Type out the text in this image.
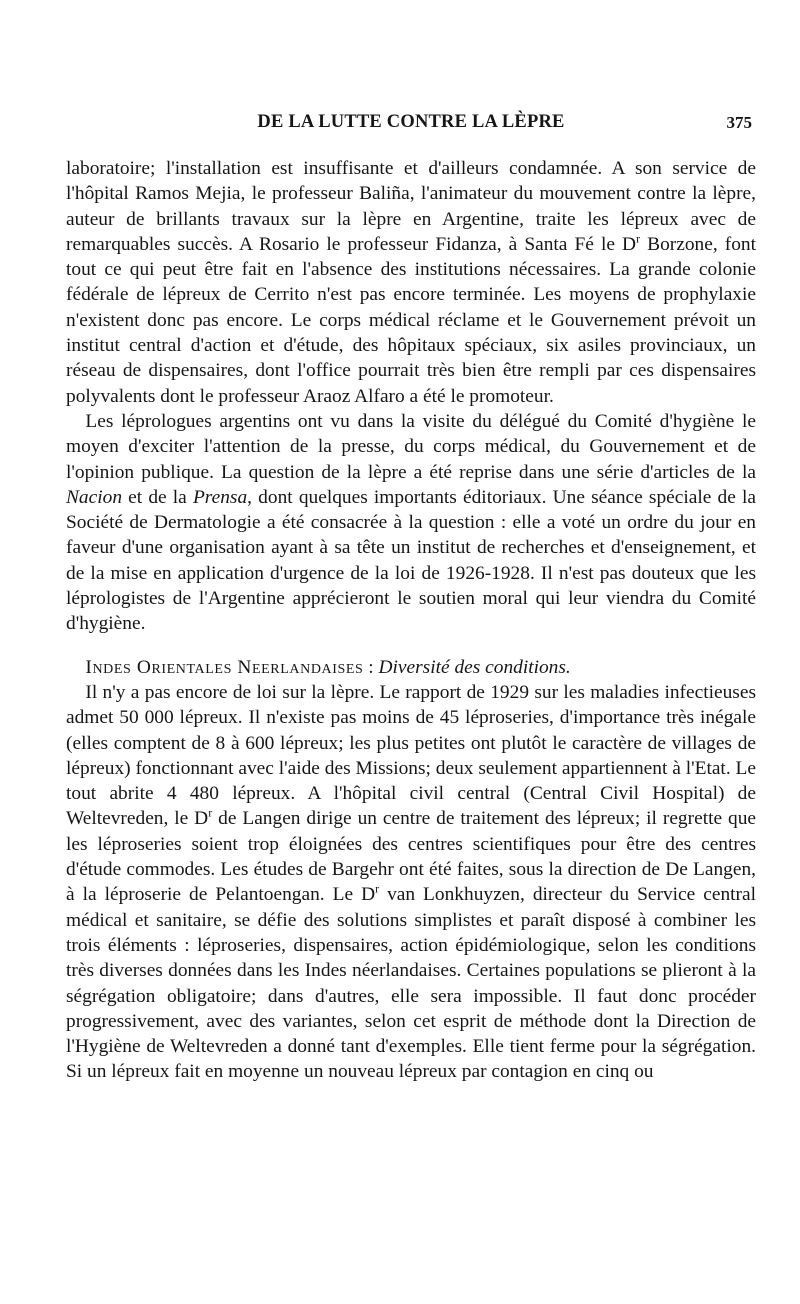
DE LA LUTTE CONTRE LA LÈPRE	375

laboratoire; l'installation est insuffisante et d'ailleurs condamnée. A son service de l'hôpital Ramos Mejia, le professeur Baliña, l'animateur du mouvement contre la lèpre, auteur de brillants travaux sur la lèpre en Argentine, traite les lépreux avec de remarquables succès. A Rosario le professeur Fidanza, à Santa Fé le $D^r$ Borzone, font tout ce qui peut être fait en l'absence des institutions nécessaires. La grande colonie fédérale de lépreux de Cerrito n'est pas encore terminée. Les moyens de prophylaxie n'existent donc pas encore. Le corps médical réclame et le Gouvernement prévoit un institut central d'action et d'étude, des hôpitaux spéciaux, six asiles provinciaux, un réseau de dispensaires, dont l'office pourrait très bien être rempli par ces dispensaires polyvalents dont le professeur Araoz Alfaro a été le promoteur.

  Les léprologues argentins ont vu dans la visite du délégué du Comité d'hygiène le moyen d'exciter l'attention de la presse, du corps médical, du Gouvernement et de l'opinion publique. La question de la lèpre a été reprise dans une série d'articles de la Nacion et de la Prensa, dont quelques importants éditoriaux. Une séance spéciale de la Société de Dermatologie a été consacrée à la question : elle a voté un ordre du jour en faveur d'une organisation ayant à sa tête un institut de recherches et d'enseignement, et de la mise en application d'urgence de la loi de 1926-1928. Il n'est pas douteux que les léprologistes de l'Argentine apprécieront le soutien moral qui leur viendra du Comité d'hygiène.

  Indes Orientales Neerlandaises : Diversité des conditions.

  Il n'y a pas encore de loi sur la lèpre. Le rapport de 1929 sur les maladies infectieuses admet 50 000 lépreux. Il n'existe pas moins de 45 léproseries, d'importance très inégale (elles comptent de 8 à 600 lépreux; les plus petites ont plutôt le caractère de villages de lépreux) fonctionnant avec l'aide des Missions; deux seulement appartiennent à l'Etat. Le tout abrite 4 480 lépreux. A l'hôpital civil central (Central Civil Hospital) de Weltevreden, le $D^r$ de Langen dirige un centre de traitement des lépreux; il regrette que les léproseries soient trop éloignées des centres scientifiques pour être des centres d'étude commodes. Les études de Bargehr ont été faites, sous la direction de De Langen, à la léproserie de Pelantoengan. Le $D^r$ van Lonkhuyzen, directeur du Service central médical et sanitaire, se défie des solutions simplistes et paraît disposé à combiner les trois éléments : léproseries, dispensaires, action épidémiologique, selon les conditions très diverses données dans les Indes néerlandaises. Certaines populations se plieront à la ségrégation obligatoire; dans d'autres, elle sera impossible. Il faut donc procéder progressivement, avec des variantes, selon cet esprit de méthode dont la Direction de l'Hygiène de Weltevreden a donné tant d'exemples. Elle tient ferme pour la ségrégation. Si un lépreux fait en moyenne un nouveau lépreux par contagion en cinq ou
